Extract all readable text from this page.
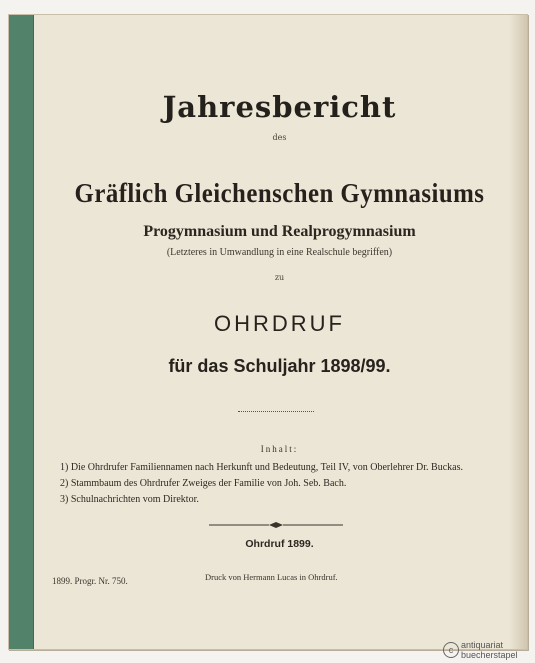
Jahresbericht
des
Gräflich Gleichenschen Gymnasiums
Progymnasium und Realprogymnasium
(Letzteres in Umwandlung in eine Realschule begriffen)
zu
OHRDRUF
für das Schuljahr 1898/99.
Inhalt:
1) Die Ohrdrufer Familiennamen nach Herkunft und Bedeutung, Teil IV, von Oberlehrer Dr. Buckas.
2) Stammbaum des Ohrdrufer Zweiges der Familie von Joh. Seb. Bach.
3) Schulnachrichten vom Direktor.
Ohrdruf 1899.
1899. Progr. Nr. 750.	Druck von Hermann Lucas in Ohrdruf.
c antiquariat
buecherstapel
